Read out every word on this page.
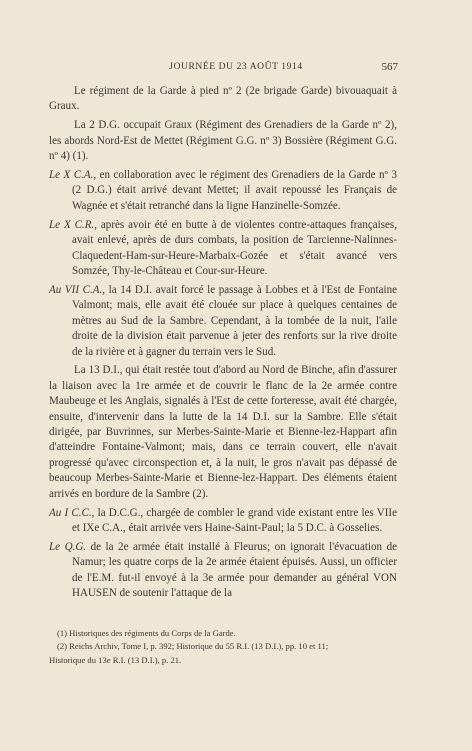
JOURNÉE DU 23 AOÛT 1914	567

Le régiment de la Garde à pied nº 2 (2e brigade Garde) bivouaquait à Graux.

La 2 D.G. occupait Graux (Régiment des Grenadiers de la Garde nº 2), les abords Nord-Est de Mettet (Régiment G.G. nº 3) Bossière (Régiment G.G. nº 4) (1).

Le X C.A., en collaboration avec le régiment des Grenadiers de la Garde nº 3 (2 D.G.) était arrivé devant Mettet; il avait repoussé les Français de Wagnée et s'était retranché dans la ligne Hanzinelle-Somzée.

Le X C.R., après avoir été en butte à de violentes contre-attaques françaises, avait enlevé, après de durs combats, la position de Tarcienne-Nalinnes-Claquedent-Ham-sur-Heure-Marbaix-Gozée et s'était avancé vers Somzée, Thy-le-Château et Cour-sur-Heure.

Au VII C.A., la 14 D.I. avait forcé le passage à Lobbes et à l'Est de Fontaine Valmont; mais, elle avait été clouée sur place à quelques centaines de mètres au Sud de la Sambre. Cependant, à la tombée de la nuit, l'aile droite de la division était parvenue à jeter des renforts sur la rive droite de la rivière et à gagner du terrain vers le Sud.

La 13 D.I., qui était restée tout d'abord au Nord de Binche, afin d'assurer la liaison avec la 1re armée et de couvrir le flanc de la 2e armée contre Maubeuge et les Anglais, signalés à l'Est de cette forteresse, avait été chargée, ensuite, d'intervenir dans la lutte de la 14 D.I. sur la Sambre. Elle s'était dirigée, par Buvrinnes, sur Merbes-Sainte-Marie et Bienne-lez-Happart afin d'atteindre Fontaine-Valmont; mais, dans ce terrain couvert, elle n'avait progressé qu'avec circonspection et, à la nuit, le gros n'avait pas dépassé de beaucoup Merbes-Sainte-Marie et Bienne-lez-Happart. Des éléments étaient arrivés en bordure de la Sambre (2).

Au I C.C., la D.C.G., chargée de combler le grand vide existant entre les VIIe et IXe C.A., était arrivée vers Haine-Saint-Paul; la 5 D.C. à Gosselies.

Le Q.G. de la 2e armée était installé à Fleurus; on ignorait l'évacuation de Namur; les quatre corps de la 2e armée étaient épuisés. Aussi, un officier de l'E.M. fut-il envoyé à la 3e armée pour demander au général VON HAUSEN de soutenir l'attaque de la

(1) Historiques des régiments du Corps de la Garde.

(2) Reichs Archiv, Tome I, p. 392; Historique du 55 R.I. (13 D.I.), pp. 10 et 11;

Historique du 13e R.I. (13 D.I.), p. 21.
